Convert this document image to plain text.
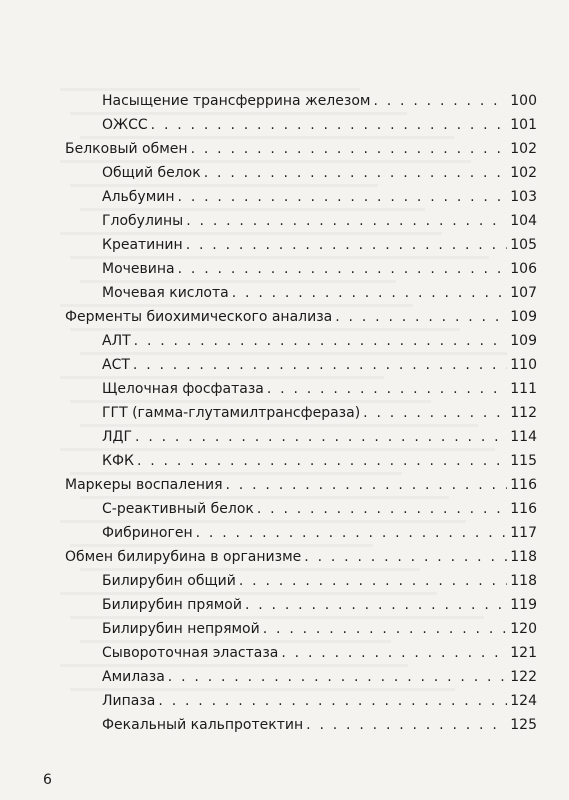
Насыщение трансферрина железом . . .	100
ОЖСС . . .	101
Белковый обмен . . .	102
Общий белок . . .	102
Альбумин . . .	103
Глобулины . . .	104
Креатинин . . .	105
Мочевина . . .	106
Мочевая кислота . . .	107
Ферменты биохимического анализа . . .	109
АЛТ . . .	109
АСТ . . .	110
Щелочная фосфатаза . . .	111
ГГТ (гамма-глутамилтрансфераза) . . .	112
ЛДГ . . .	114
КФК . . .	115
Маркеры воспаления . . .	116
С-реактивный белок . . .	116
Фибриноген . . .	117
Обмен билирубина в организме . . .	118
Билирубин общий . . .	118
Билирубин прямой . . .	119
Билирубин непрямой . . .	120
Сывороточная эластаза . . .	121
Амилаза . . .	122
Липаза . . .	124
Фекальный кальпротектин . . .	125
6
